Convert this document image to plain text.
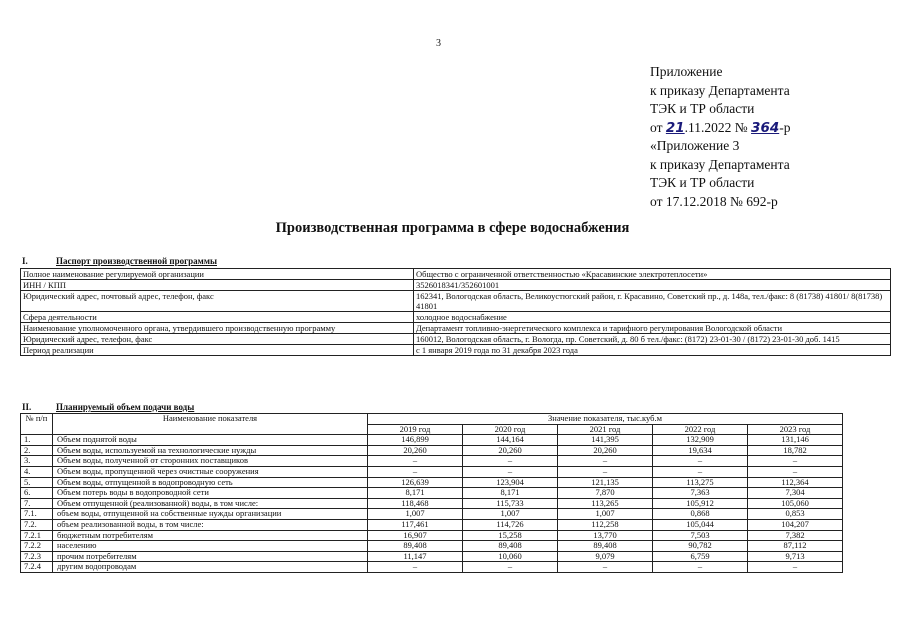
3
Приложение
к приказу Департамента
ТЭК и ТР области
от 21.11.2022 № 364-р
«Приложение 3
к приказу Департамента
ТЭК и ТР области
от 17.12.2018 № 692-р
Производственная программа в сфере водоснабжения
I.	Паспорт производственной программы
Полное наименование регулируемой организации	Общество с ограниченной ответственностью «Красавинские электротеплосети»
ИНН / КПП	3526018341/352601001
Юридический адрес, почтовый адрес, телефон, факс	162341, Вологодская область, Великоустюгский район, г. Красавино, Советский пр., д. 148а, тел./факс: 8 (81738) 41801/ 8(81738) 41801
Сфера деятельности	холодное водоснабжение
Наименование уполномоченного органа, утвердившего производственную программу	Департамент топливно-энергетического комплекса и тарифного регулирования Вологодской области
Юридический адрес, телефон, факс	160012, Вологодская область, г. Вологда, пр. Советский, д. 80 б тел./факс: (8172) 23-01-30 / (8172) 23-01-30 доб. 1415
Период реализации	с 1 января 2019 года по 31 декабря 2023 года
II.	Планируемый объем подачи воды
№ п/п	Наименование показателя	Значение показателя, тыс.куб.м				
		2019 год	2020 год	2021 год	2022 год	2023 год
1.	Объем поднятой воды	146,899	144,164	141,395	132,909	131,146
2.	Объем воды, используемой на технологические нужды	20,260	20,260	20,260	19,634	18,782
3.	Объем воды, полученной от сторонних поставщиков	–	–	–	–	–
4.	Объем воды, пропущенной через очистные сооружения	–	–	–	–	–
5.	Объем воды, отпущенной в водопроводную сеть	126,639	123,904	121,135	113,275	112,364
6.	Объем потерь воды в водопроводной сети	8,171	8,171	7,870	7,363	7,304
7.	Объем отпущенной (реализованной) воды, в том числе:	118,468	115,733	113,265	105,912	105,060
7.1.	объем воды, отпущенной на собственные нужды организации	1,007	1,007	1,007	0,868	0,853
7.2.	объем реализованной воды, в том числе:	117,461	114,726	112,258	105,044	104,207
7.2.1	бюджетным потребителям	16,907	15,258	13,770	7,503	7,382
7.2.2	населению	89,408	89,408	89,408	90,782	87,112
7.2.3	прочим потребителям	11,147	10,060	9,079	6,759	9,713
7.2.4	другим водопроводам	–	–	–	–	–
